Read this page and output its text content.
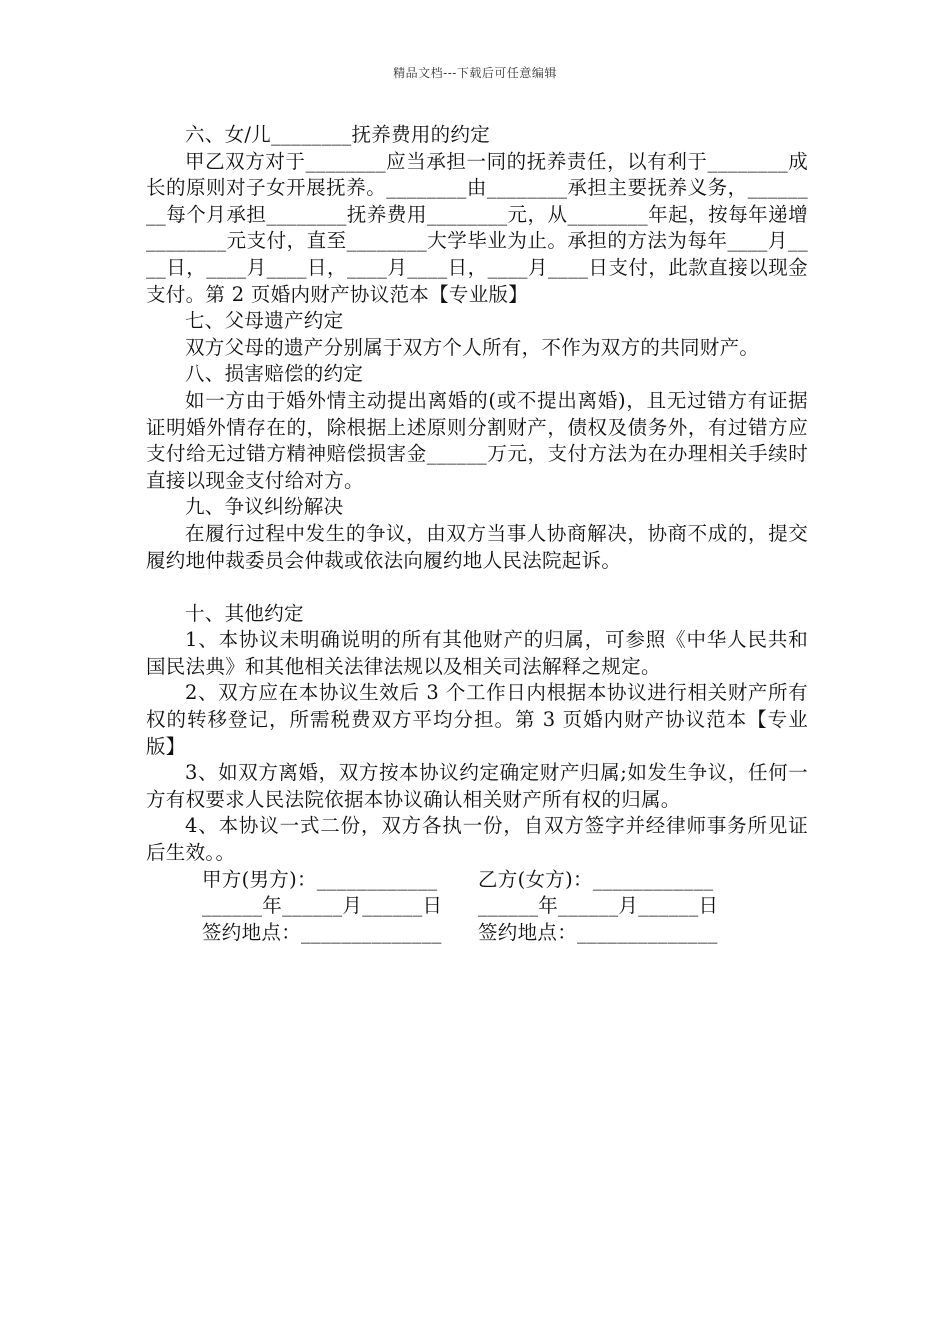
精品文档---下载后可任意编辑

六、女/儿________抚养费用的约定

甲乙双方对于________应当承担一同的抚养责任，以有利于________成长的原则对子女开展抚养。________由________承担主要抚养义务，________每个月承担________抚养费用________元，从________年起，按每年递增________元支付，直至________大学毕业为止。承担的方法为每年____月____日，____月____日，____月____日，____月____日支付，此款直接以现金支付。第 2 页婚内财产协议范本【专业版】

七、父母遗产约定

双方父母的遗产分别属于双方个人所有，不作为双方的共同财产。

八、损害赔偿的约定

如一方由于婚外情主动提出离婚的(或不提出离婚)，且无过错方有证据证明婚外情存在的，除根据上述原则分割财产，债权及债务外，有过错方应支付给无过错方精神赔偿损害金______万元，支付方法为在办理相关手续时直接以现金支付给对方。

九、争议纠纷解决

在履行过程中发生的争议，由双方当事人协商解决，协商不成的，提交履约地仲裁委员会仲裁或依法向履约地人民法院起诉。

十、其他约定

1、本协议未明确说明的所有其他财产的归属，可参照《中华人民共和国民法典》和其他相关法律法规以及相关司法解释之规定。

2、双方应在本协议生效后 3 个工作日内根据本协议进行相关财产所有权的转移登记，所需税费双方平均分担。第 3 页婚内财产协议范本【专业版】

3、如双方离婚，双方按本协议约定确定财产归属;如发生争议，任何一方有权要求人民法院依据本协议确认相关财产所有权的归属。

4、本协议一式二份，双方各执一份，自双方签字并经律师事务所见证后生效。。

甲方(男方)：____________	乙方(女方)：____________
______年______月______日	______年______月______日
签约地点：______________	签约地点：______________
